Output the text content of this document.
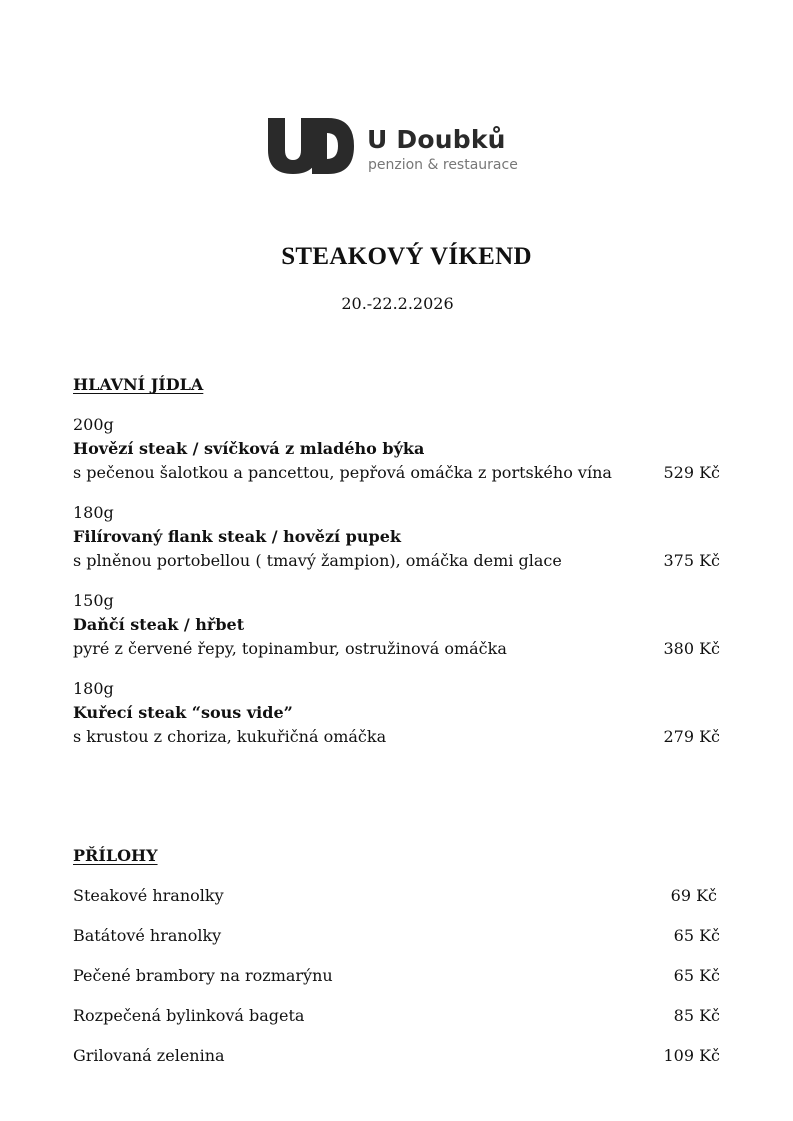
U Doubků
penzion & restaurace
STEAKOVÝ VÍKEND
20.-22.2.2026
HLAVNÍ JÍDLA
200g
Hovězí steak / svíčková z mladého býka
s pečenou šalotkou a pancettou, pepřová omáčka z portského vína	529 Kč
180g
Filírovaný flank steak / hovězí pupek
s plněnou portobellou ( tmavý žampion), omáčka demi glace	375 Kč
150g
Daňčí steak / hřbet
pyré z červené řepy, topinambur, ostružinová omáčka	380 Kč
180g
Kuřecí steak “sous vide”
s krustou z choriza, kukuřičná omáčka	279 Kč
PŘÍLOHY
Steakové hranolky	69 Kč
Batátové hranolky	65 Kč
Pečené brambory na rozmarýnu	65 Kč
Rozpečená bylinková bageta	85 Kč
Grilovaná zelenina	109 Kč
